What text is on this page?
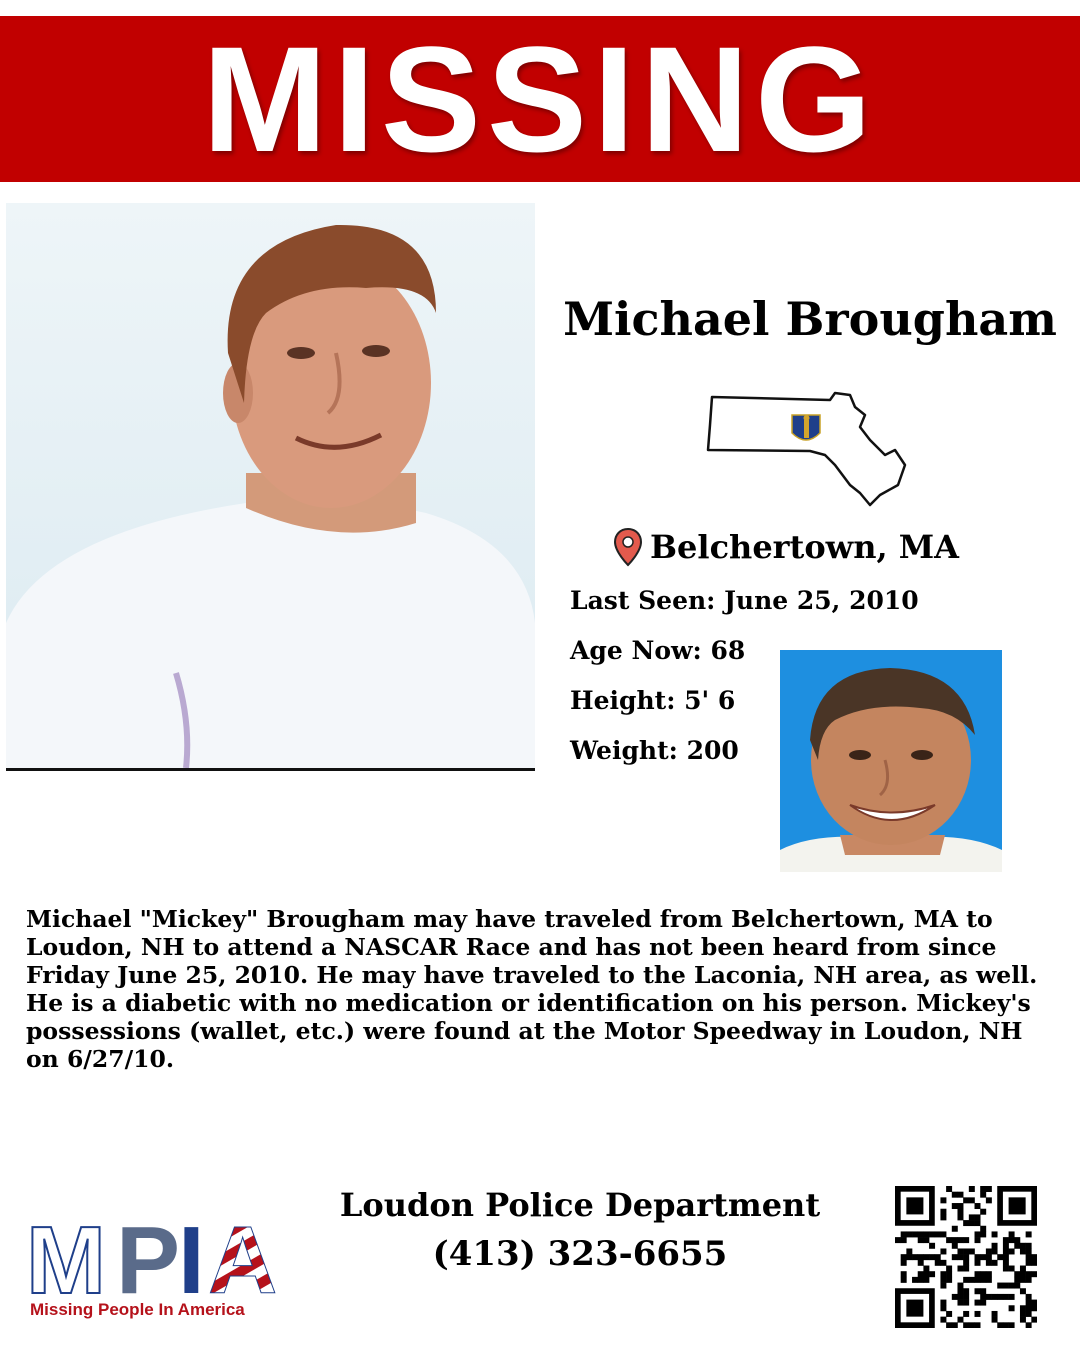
MISSING
Michael Brougham
Belchertown, MA
Last Seen: June 25, 2010
Age Now: 68
Height: 5' 6
Weight: 200
Michael "Mickey" Brougham may have traveled from Belchertown, MA to Loudon, NH to attend a NASCAR Race and has not been heard from since Friday June 25, 2010. He may have traveled to the Laconia, NH area, as well. He is a diabetic with no medication or identification on his person. Mickey's possessions (wallet, etc.) were found at the Motor Speedway in Loudon, NH on 6/27/10.
M P
I A
Missing People In America
Loudon Police Department
(413) 323-6655
